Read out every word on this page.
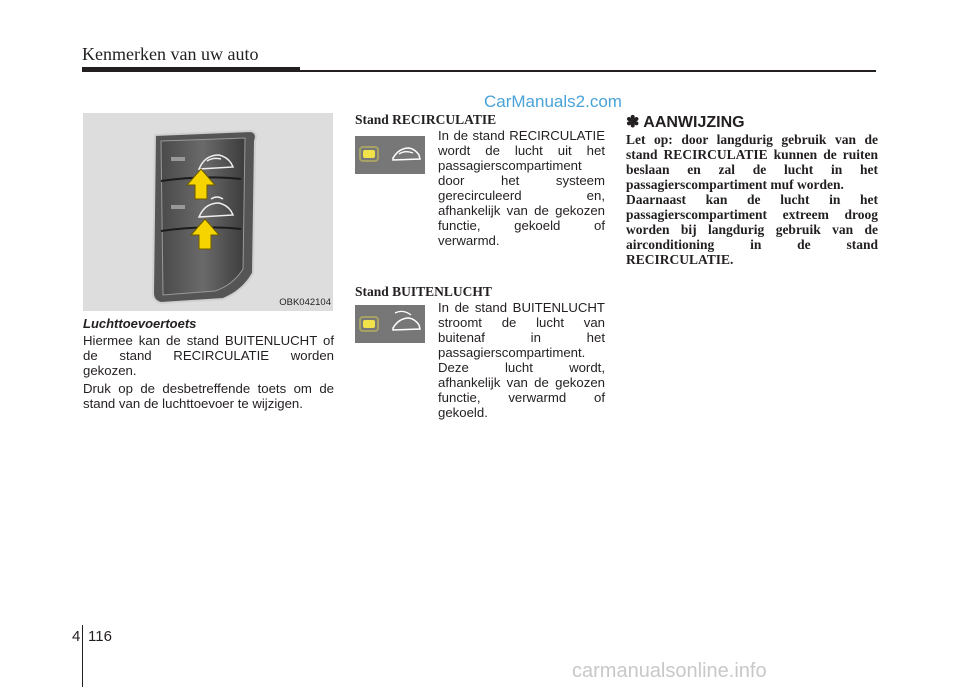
Kenmerken van uw auto
CarManuals2.com
OBK042104
Luchttoevoertoets

Hiermee kan de stand BUITENLUCHT of de stand RECIRCULATIE worden gekozen.

Druk op de desbetreffende toets om de stand van de luchttoevoer te wijzigen.

Stand RECIRCULATIE

In de stand RECIRCULATIE wordt de lucht uit het passagierscompartiment door het systeem gerecirculeerd en, afhankelijk van de gekozen functie, gekoeld of verwarmd.

Stand BUITENLUCHT

In de stand BUITENLUCHT stroomt de lucht van buitenaf in het passagierscompartiment. Deze lucht wordt, afhankelijk van de gekozen functie, verwarmd of gekoeld.

✽ AANWIJZING

Let op: door langdurig gebruik van de stand RECIRCULATIE kunnen de ruiten beslaan en zal de lucht in het passagierscompartiment muf worden.

Daarnaast kan de lucht in het passagierscompartiment extreem droog worden bij langdurig gebruik van de airconditioning in de stand RECIRCULATIE.

4 116
carmanualsonline.info
